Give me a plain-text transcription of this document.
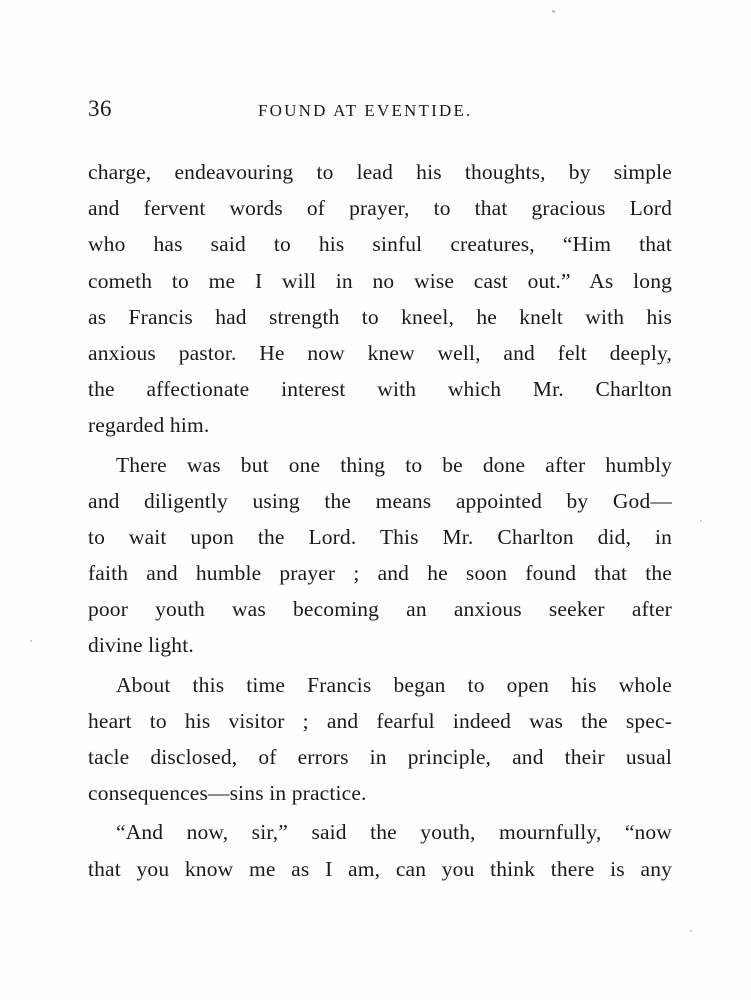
36	FOUND AT EVENTIDE.
charge, endeavouring to lead his thoughts, by simple
and fervent words of prayer, to that gracious Lord
who has said to his sinful creatures, “Him that
cometh to me I will in no wise cast out.” As long
as Francis had strength to kneel, he knelt with his
anxious pastor. He now knew well, and felt deeply,
the affectionate interest with which Mr. Charlton
regarded him.
There was but one thing to be done after humbly
and diligently using the means appointed by God—
to wait upon the Lord. This Mr. Charlton did, in
faith and humble prayer ; and he soon found that the
poor youth was becoming an anxious seeker after
divine light.
About this time Francis began to open his whole
heart to his visitor ; and fearful indeed was the spec-
tacle disclosed, of errors in principle, and their usual
consequences—sins in practice.
“And now, sir,” said the youth, mournfully, “now
that you know me as I am, can you think there is any
